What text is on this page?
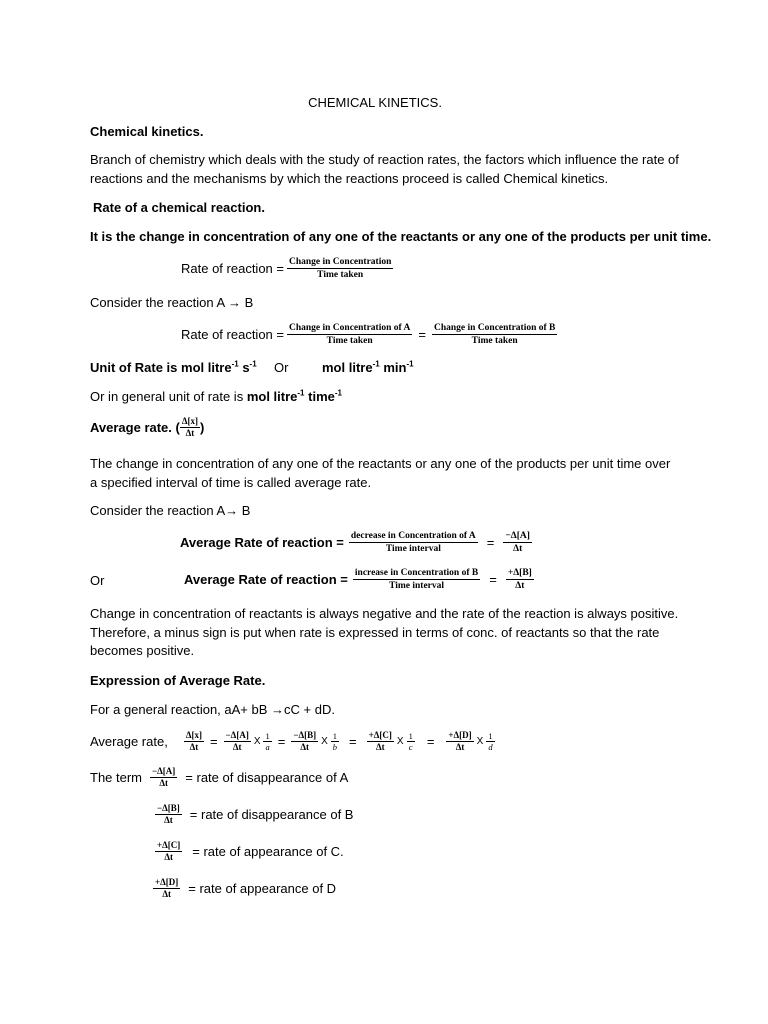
CHEMICAL KINETICS.
Chemical kinetics.
Branch of chemistry which deals with the study of reaction rates, the factors which influence the rate of reactions and the mechanisms by which the reactions proceed is called Chemical kinetics.
Rate of a chemical reaction.
It is the change in concentration of any one of the reactants or any one of the products per unit time.
Rate of reaction = $\frac{\text{Change in Concentration}}{\text{Time taken}}$
Consider the reaction A → B
Rate of reaction = $\frac{\text{Change in Concentration of A}}{\text{Time taken}} = \frac{\text{Change in Concentration of B}}{\text{Time taken}}$
Unit of Rate is mol litre$^{-1}$ $s^{-1}$ Or	mol litre$^{-1}$ $\min^{-1}$
Or in general unit of rate is mol litre$^{-1}$ time$^{-1}$
Average rate. ( $\frac{\Delta[x]}{\Delta t}$ )
The change in concentration of any one of the reactants or any one of the products per unit time over a specified interval of time is called average rate.
Consider the reaction A→ B
Average Rate of reaction = $\frac{\text{decrease in Concentration of A}}{\text{Time interval}} = \frac{-\Delta[A]}{\Delta t}$
Or	Average Rate of reaction = $\frac{\text{increase in Concentration of B}}{\text{Time interval}} = \frac{+\Delta[B]}{\Delta t}$
Change in concentration of reactants is always negative and the rate of the reaction is always positive. Therefore, a minus sign is put when rate is expressed in terms of conc. of reactants so that the rate becomes positive.
Expression of Average Rate.
For a general reaction, aA+ bB →cC + dD.
Average rate, $\frac{\Delta[x]}{\Delta t} = \frac{-\Delta[A]}{\Delta t}$ X $\frac{1}{a} = \frac{-\Delta[B]}{\Delta t}$ X $\frac{1}{b} = \frac{+\Delta[C]}{\Delta t}$ X $\frac{1}{c} = \frac{+\Delta[D]}{\Delta t}$ X $\frac{1}{d}$
The term $\frac{-\Delta[A]}{\Delta t}$ = rate of disappearance of A
$\frac{-\Delta[B]}{\Delta t}$ = rate of disappearance of B
$\frac{+\Delta[C]}{\Delta t}$ = rate of appearance of C.
$\frac{+\Delta[D]}{\Delta t}$ = rate of appearance of D
